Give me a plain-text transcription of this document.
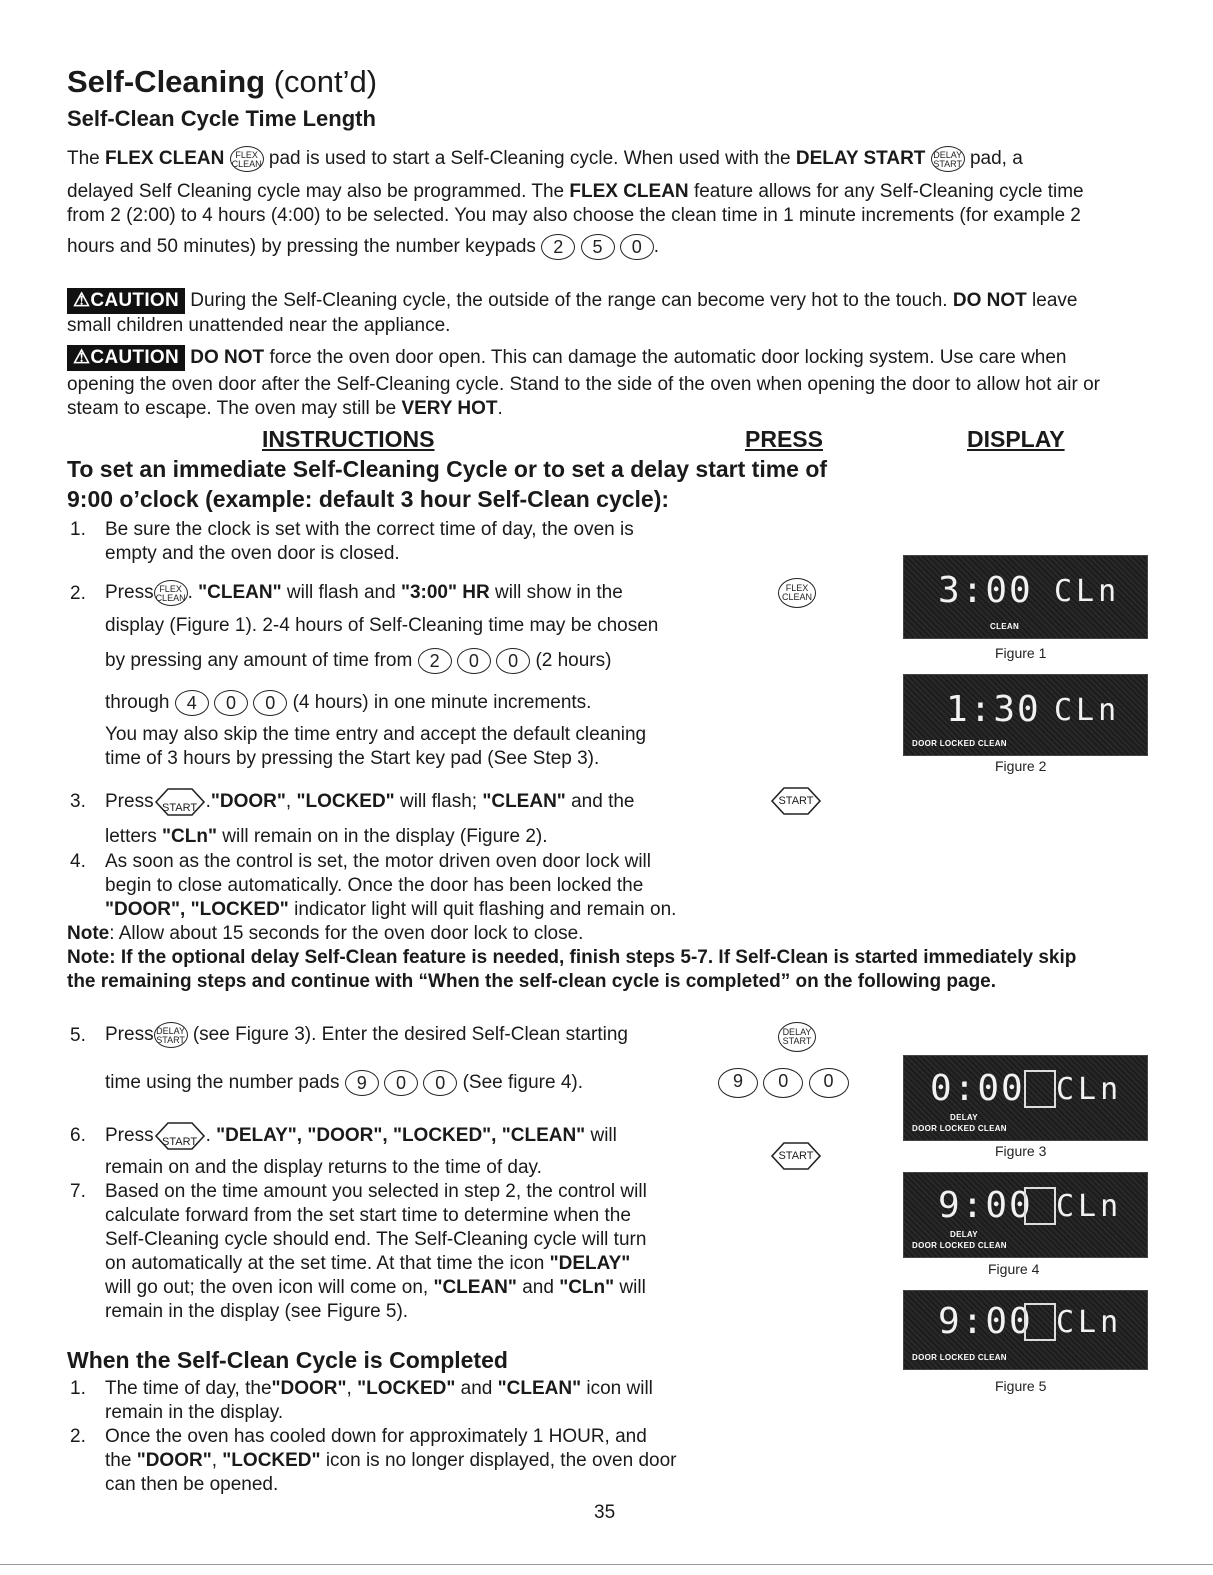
Self-Cleaning (cont’d)
Self-Clean Cycle Time Length
The FLEX CLEAN FLEX
CLEAN pad is used to start a Self-Cleaning cycle. When used with the DELAY START DELAY
START pad, a
delayed Self Cleaning cycle may also be programmed. The FLEX CLEAN feature allows for any Self-Cleaning cycle time
from 2 (2:00) to 4 hours (4:00) to be selected. You may also choose the clean time in 1 minute increments (for example 2
hours and 50 minutes) by pressing the number keypads 2 5 0 .
⚠CAUTION During the Self-Cleaning cycle, the outside of the range can become very hot to the touch. DO NOT leave
small children unattended near the appliance.
⚠CAUTION DO NOT force the oven door open. This can damage the automatic door locking system. Use care when
opening the oven door after the Self-Cleaning cycle. Stand to the side of the oven when opening the door to allow hot air or
steam to escape. The oven may still be VERY HOT.
INSTRUCTIONS	PRESS	DISPLAY
To set an immediate Self-Cleaning Cycle or to set a delay start time of
9:00 o’clock (example: default 3 hour Self-Clean cycle):
1. Be sure the clock is set with the correct time of day, the oven is
empty and the oven door is closed.
2. Press FLEX
CLEAN . "CLEAN" will flash and "3:00" HR will show in the
display (Figure 1). 2-4 hours of Self-Cleaning time may be chosen
by pressing any amount of time from 2 0 0 (2 hours)
through 4 0 0 (4 hours) in one minute increments.
You may also skip the time entry and accept the default cleaning
time of 3 hours by pressing the Start key pad (See Step 3).
3. Press START ."DOOR", "LOCKED" will flash; "CLEAN" and the
letters "CLn" will remain on in the display (Figure 2).
4. As soon as the control is set, the motor driven oven door lock will
begin to close automatically. Once the door has been locked the
"DOOR", "LOCKED" indicator light will quit flashing and remain on.
Note: Allow about 15 seconds for the oven door lock to close.
Note: If the optional delay Self-Clean feature is needed, finish steps 5-7. If Self-Clean is started immediately skip
the remaining steps and continue with “When the self-clean cycle is completed” on the following page.
5. Press DELAY
START (see Figure 3). Enter the desired Self-Clean starting
time using the number pads 9 0 0 (See figure 4).
6. Press START . "DELAY", "DOOR", "LOCKED", "CLEAN" will
remain on and the display returns to the time of day.
7. Based on the time amount you selected in step 2, the control will
calculate forward from the set start time to determine when the
Self-Cleaning cycle should end. The Self-Cleaning cycle will turn
on automatically at the set time. At that time the icon "DELAY"
will go out; the oven icon will come on, "CLEAN" and "CLn" will
remain in the display (see Figure 5).
When the Self-Clean Cycle is Completed
1. The time of day, the"DOOR", "LOCKED" and "CLEAN" icon will
remain in the display.
2. Once the oven has cooled down for approximately 1 HOUR, and
the "DOOR", "LOCKED" icon is no longer displayed, the oven door
can then be opened.
FLEX
CLEAN
START
DELAY
START
9 0 0
START
3:00 CLn
CLEAN
Figure 1
1:30 CLn
DOOR LOCKED CLEAN
Figure 2
0:00 CLn
DELAY
DOOR LOCKED CLEAN
Figure 3
9:00 CLn
DELAY
DOOR LOCKED CLEAN
Figure 4
9:00 CLn
DOOR LOCKED CLEAN
Figure 5
35
